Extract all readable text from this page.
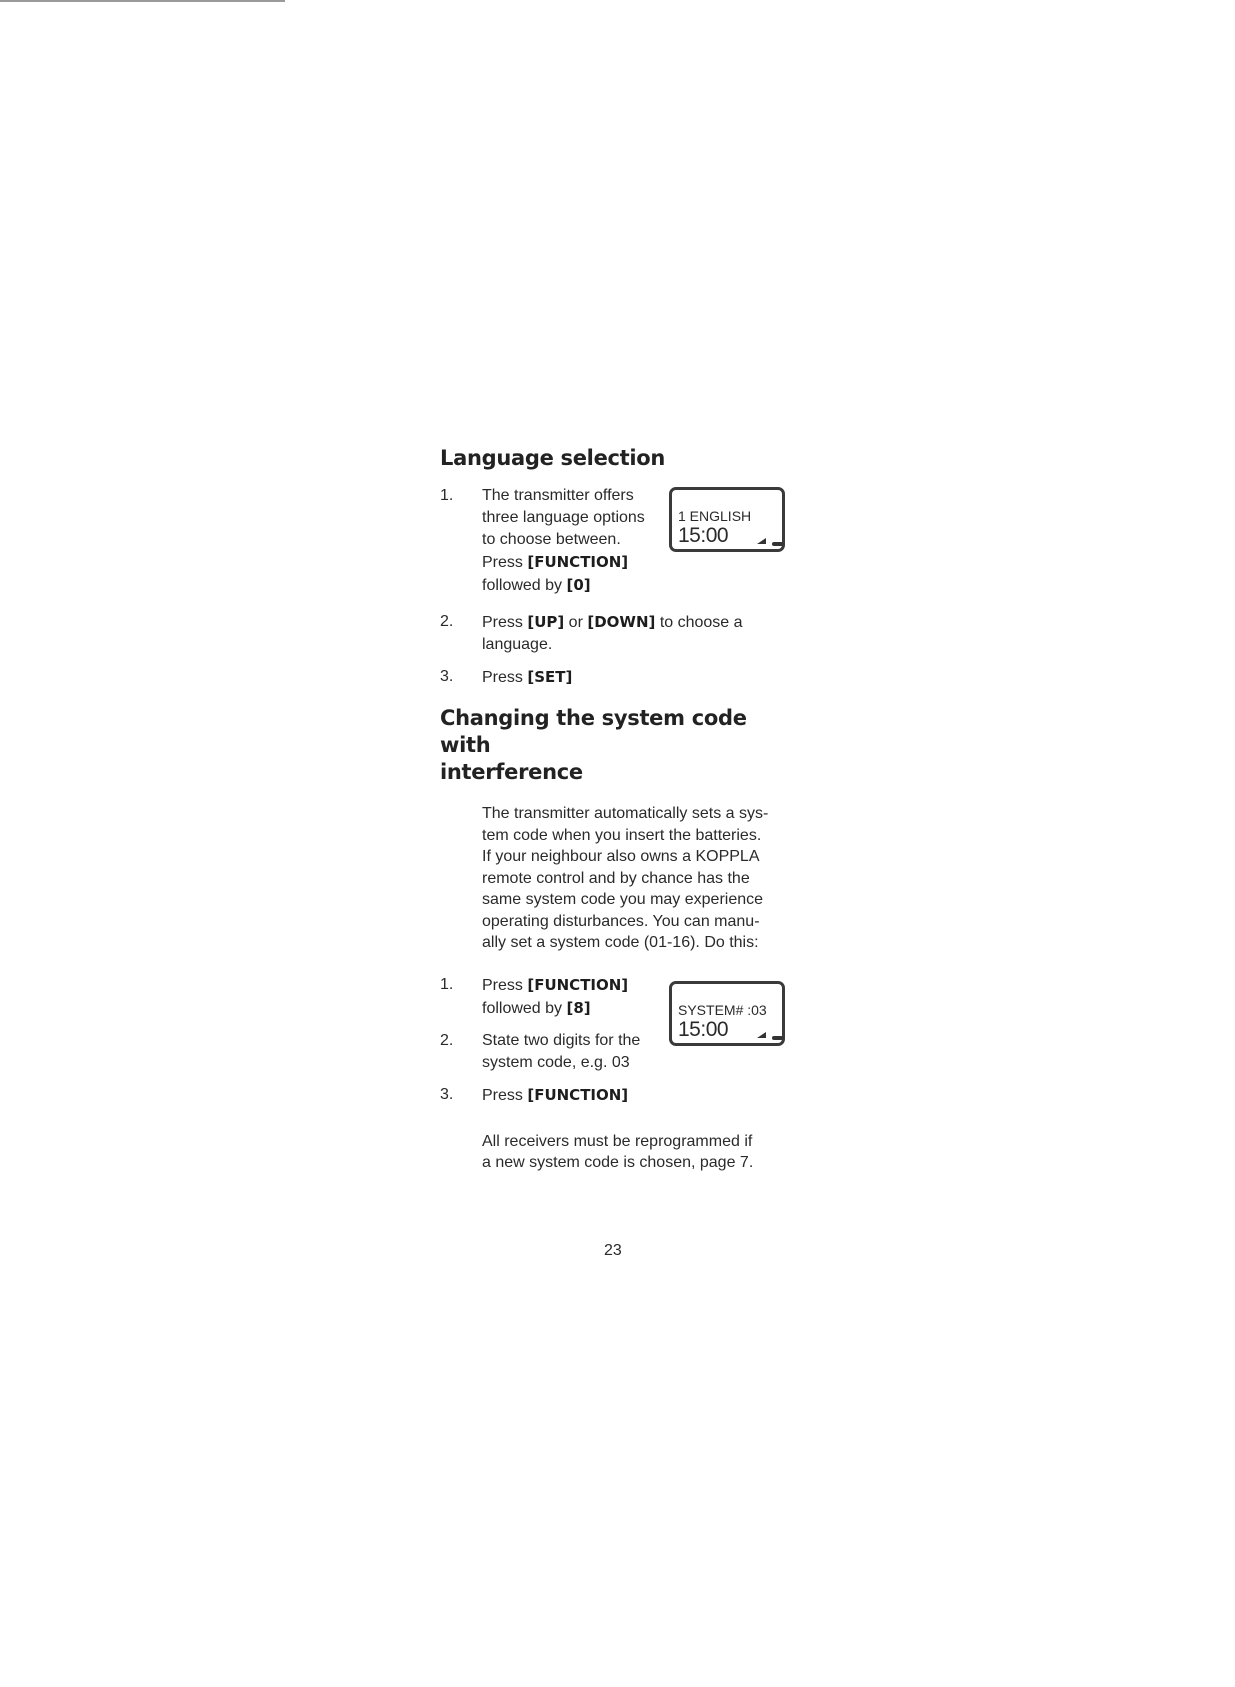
Language selection
1. The transmitter offers
three language options
to choose between.
Press [FUNCTION]
followed by [0]
2. Press [UP] or [DOWN] to choose a
language.
3. Press [SET]
Changing the system code with
interference

The transmitter automatically sets a sys-
tem code when you insert the batteries.
If your neighbour also owns a KOPPLA
remote control and by chance has the
same system code you may experience
operating disturbances. You can manu-
ally set a system code (01-16). Do this:

1. Press [FUNCTION]
followed by [8]
2. State two digits for the
system code, e.g. 03
3. Press [FUNCTION]

All receivers must be reprogrammed if
a new system code is chosen, page 7.

1 ENGLISH
15:00
SYSTEM# :03
15:00
23
